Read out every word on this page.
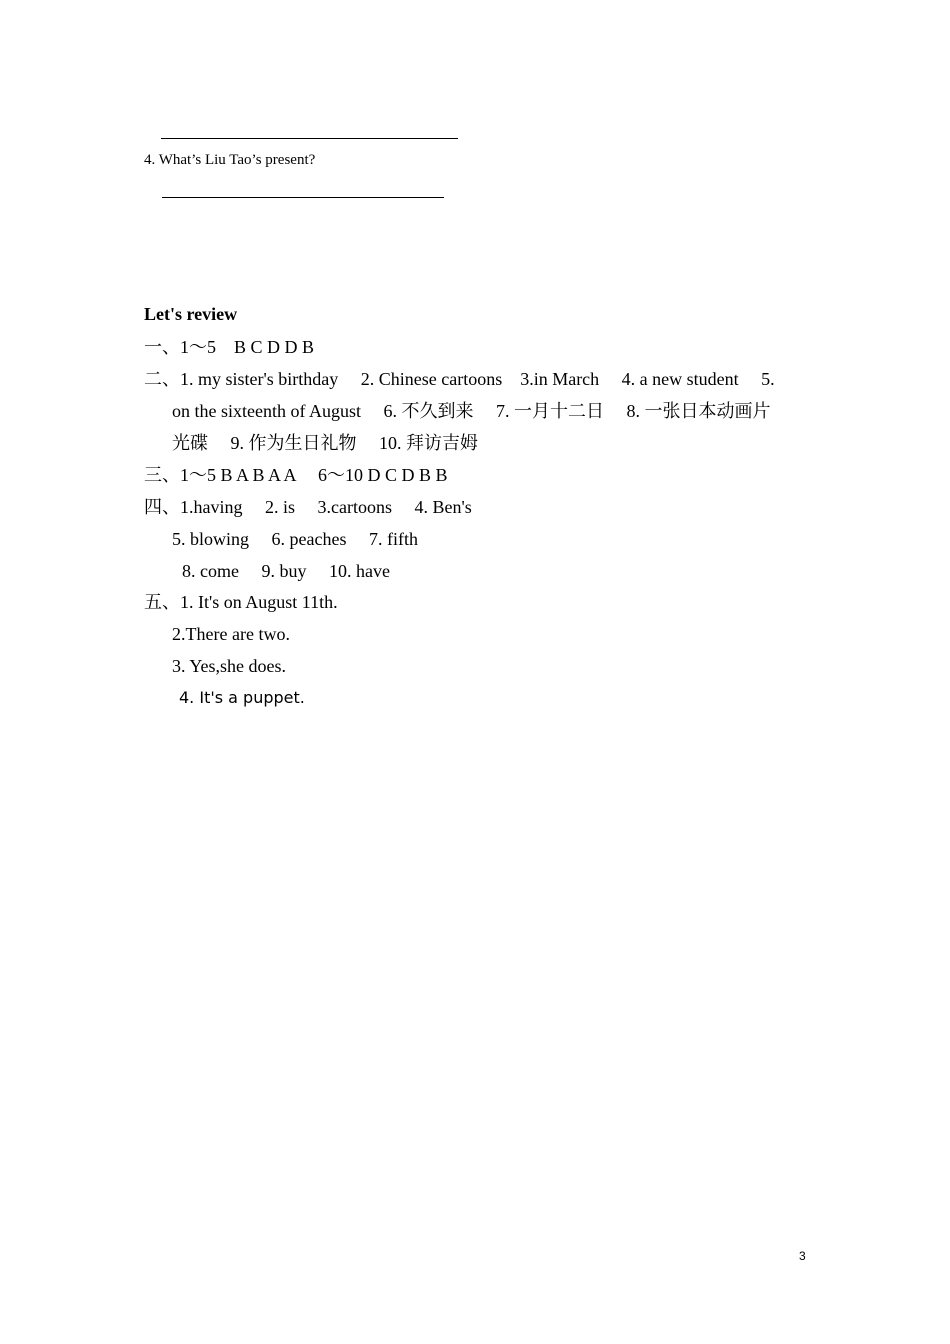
4. What’s Liu Tao’s present?
Let's review
一、1～5　B C D D B
二、1. my sister's birthday　 2. Chinese cartoons　3.in March　 4. a new student　 5.
on the sixteenth of August　 6. 不久到来　 7. 一月十二日　 8. 一张日本动画片
光碟　 9. 作为生日礼物　 10. 拜访吉姆
三、1～5 B A B A A　 6～10 D C D B B
四、1.having　 2. is　 3.cartoons　 4. Ben's
5. blowing　 6. peaches　 7. fifth
8. come　 9. buy　 10. have
五、1. It's on August 11th.
2.There are two.
3. Yes,she does.
4. It's a puppet.
3
